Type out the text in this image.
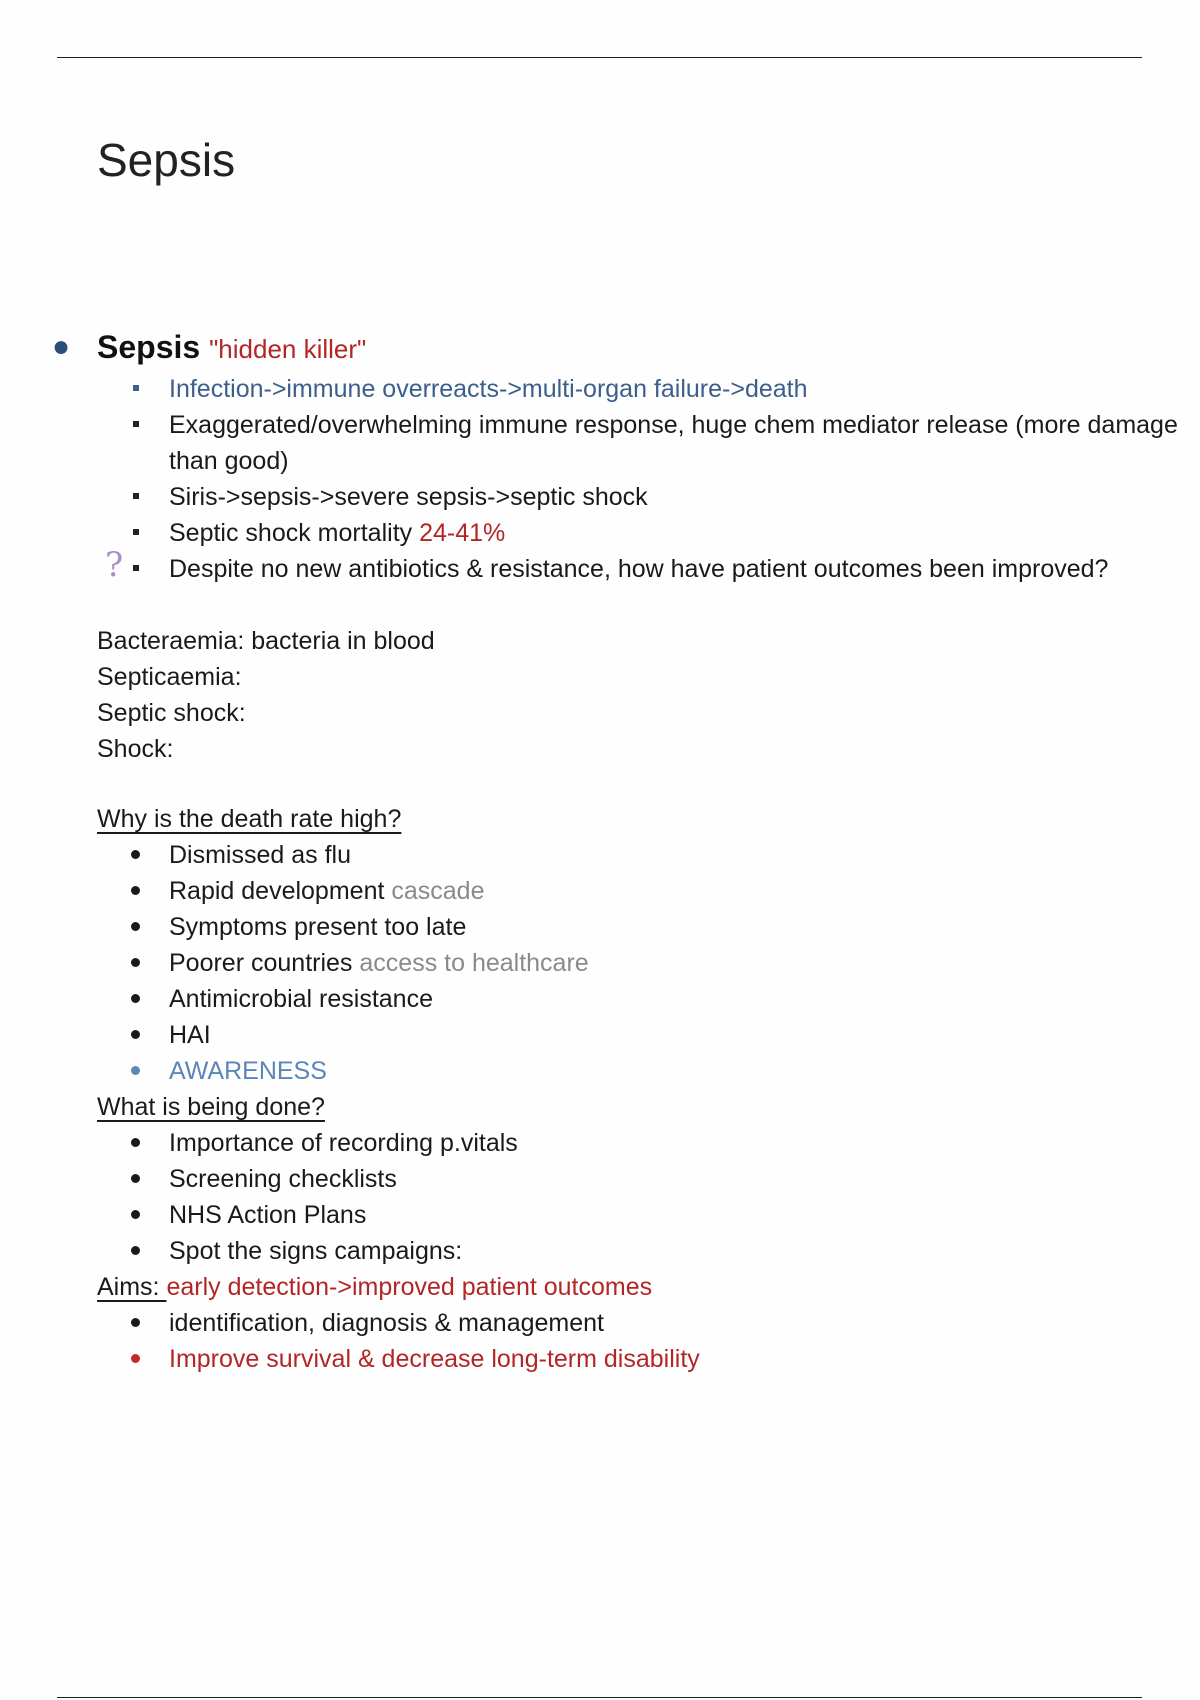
Sepsis
● Sepsis "hidden killer"
Infection->immune overreacts->multi-organ failure->death
Exaggerated/overwhelming immune response, huge chem mediator release (more damage than good)
Siris->sepsis->severe sepsis->septic shock
Septic shock mortality 24-41%
? Despite no new antibiotics & resistance, how have patient outcomes been improved?
Bacteraemia: bacteria in blood
Septicaemia:
Septic shock:
Shock:
Why is the death rate high?
Dismissed as flu
Rapid development cascade
Symptoms present too late
Poorer countries access to healthcare
Antimicrobial resistance
HAI
AWARENESS
What is being done?
Importance of recording p.vitals
Screening checklists
NHS Action Plans
Spot the signs campaigns:
Aims: early detection->improved patient outcomes
identification, diagnosis & management
Improve survival & decrease long-term disability
